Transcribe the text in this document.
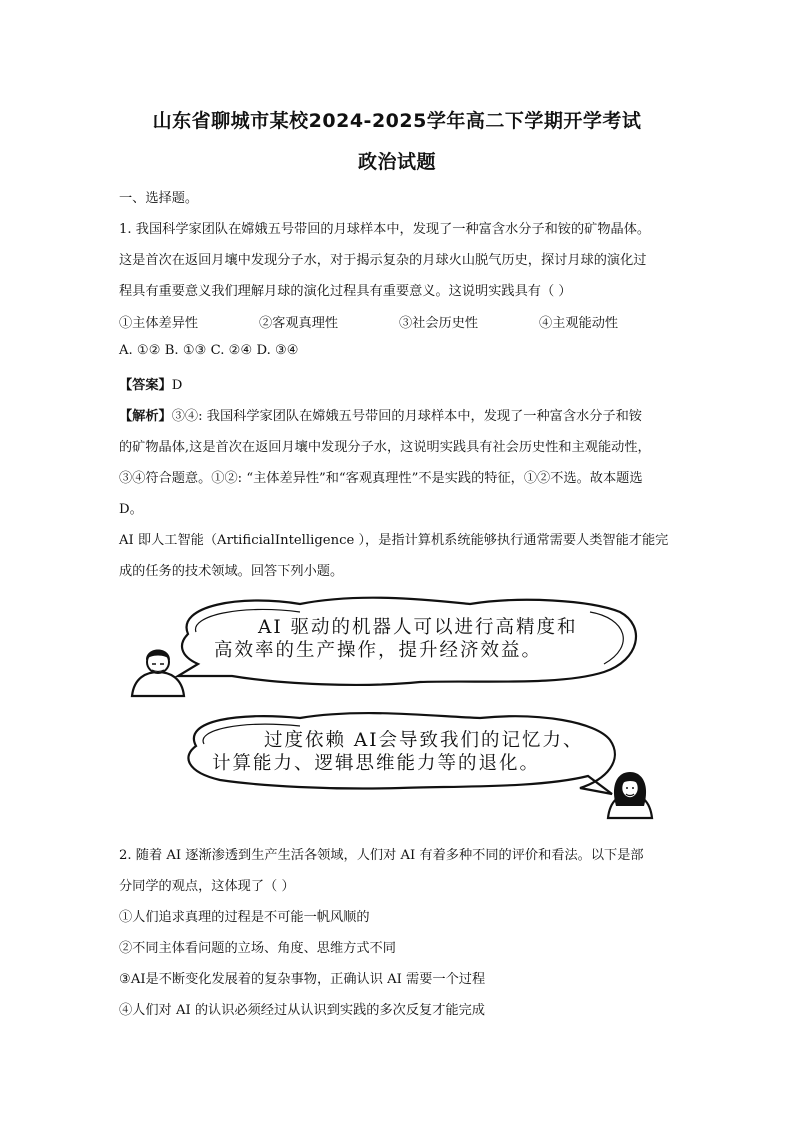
山东省聊城市某校2024-2025学年高二下学期开学考试
政治试题
一、选择题。
1. 我国科学家团队在嫦娥五号带回的月球样本中，发现了一种富含水分子和铵的矿物晶体。
这是首次在返回月壤中发现分子水，对于揭示复杂的月球火山脱气历史，探讨月球的演化过
程具有重要意义我们理解月球的演化过程具有重要意义。这说明实践具有（ ）
①主体差异性	②客观真理性	③社会历史性	④主观能动性
A. ①② B. ①③ C. ②④ D. ③④
【答案】D
【解析】③④: 我国科学家团队在嫦娥五号带回的月球样本中，发现了一种富含水分子和铵
的矿物晶体,这是首次在返回月壤中发现分子水，这说明实践具有社会历史性和主观能动性，
③④符合题意。①②: “主体差异性”和“客观真理性”不是实践的特征，①②不选。故本题选
D。
AI 即人工智能（ArtificialIntelligence ），是指计算机系统能够执行通常需要人类智能才能完
成的任务的技术领域。回答下列小题。
AI 驱动的机器人可以进行高精度和
高效率的生产操作，提升经济效益。
过度依赖 AI会导致我们的记忆力、
计算能力、逻辑思维能力等的退化。
2. 随着 AI 逐渐渗透到生产生活各领域，人们对 AI 有着多种不同的评价和看法。以下是部
分同学的观点，这体现了（ ）
①人们追求真理的过程是不可能一帆风顺的
②不同主体看问题的立场、角度、思维方式不同
③AI是不断变化发展着的复杂事物，正确认识 AI 需要一个过程
④人们对 AI 的认识必须经过从认识到实践的多次反复才能完成
